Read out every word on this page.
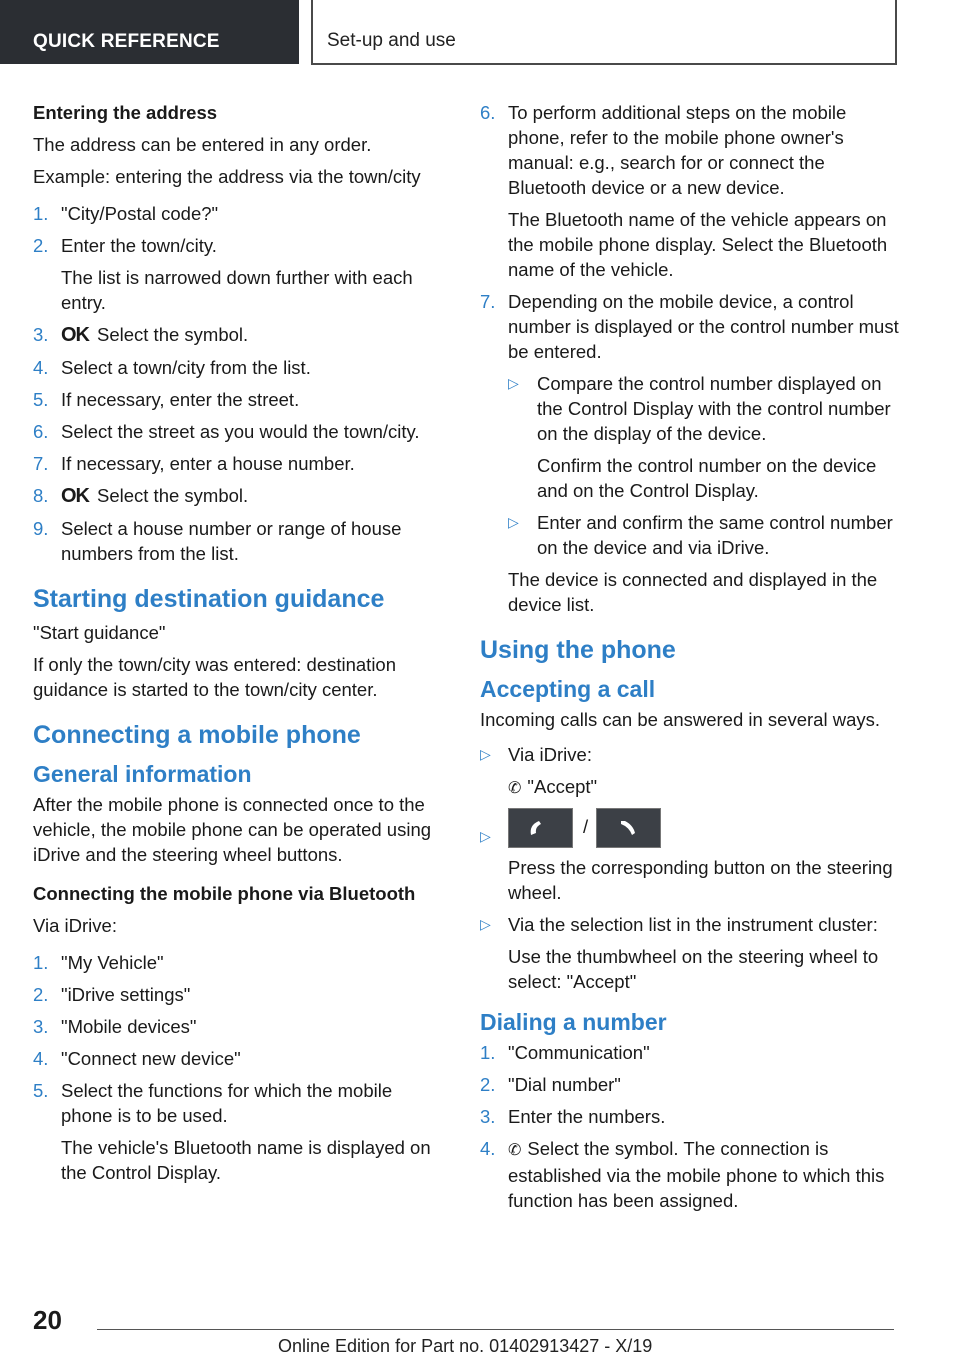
QUICK REFERENCE	Set-up and use

Entering the address

The address can be entered in any order.

Example: entering the address via the town/city

1. "City/Postal code?"
2. Enter the town/city.
The list is narrowed down further with each entry.
3. OK Select the symbol.
4. Select a town/city from the list.
5. If necessary, enter the street.
6. Select the street as you would the town/city.
7. If necessary, enter a house number.
8. OK Select the symbol.
9. Select a house number or range of house numbers from the list.
Starting destination guidance

"Start guidance"

If only the town/city was entered: destination guidance is started to the town/city center.

Connecting a mobile phone
General information

After the mobile phone is connected once to the vehicle, the mobile phone can be operated using iDrive and the steering wheel buttons.

Connecting the mobile phone via Bluetooth

Via iDrive:

1. "My Vehicle"
2. "iDrive settings"
3. "Mobile devices"
4. "Connect new device"
5. Select the functions for which the mobile phone is to be used.
The vehicle's Bluetooth name is displayed on the Control Display.
6. To perform additional steps on the mobile phone, refer to the mobile phone owner's manual: e.g., search for or connect the Bluetooth device or a new device.
The Bluetooth name of the vehicle appears on the mobile phone display. Select the Bluetooth name of the vehicle.
7. Depending on the mobile device, a control number is displayed or the control number must be entered.
▷ Compare the control number displayed on the Control Display with the control number on the display of the device.
Confirm the control number on the device and on the Control Display.
▷ Enter and confirm the same control number on the device and via iDrive.
The device is connected and displayed in the device list.
Using the phone
Accepting a call

Incoming calls can be answered in several ways.

▷ Via iDrive:
✆ "Accept"
▷	/
Press the corresponding button on the steering wheel.
▷ Via the selection list in the instrument cluster:
Use the thumbwheel on the steering wheel to select: "Accept"
Dialing a number
1. "Communication"
2. "Dial number"
3. Enter the numbers.
4. ✆ Select the symbol. The connection is established via the mobile phone to which this function has been assigned.
20
Online Edition for Part no. 01402913427 - X/19
